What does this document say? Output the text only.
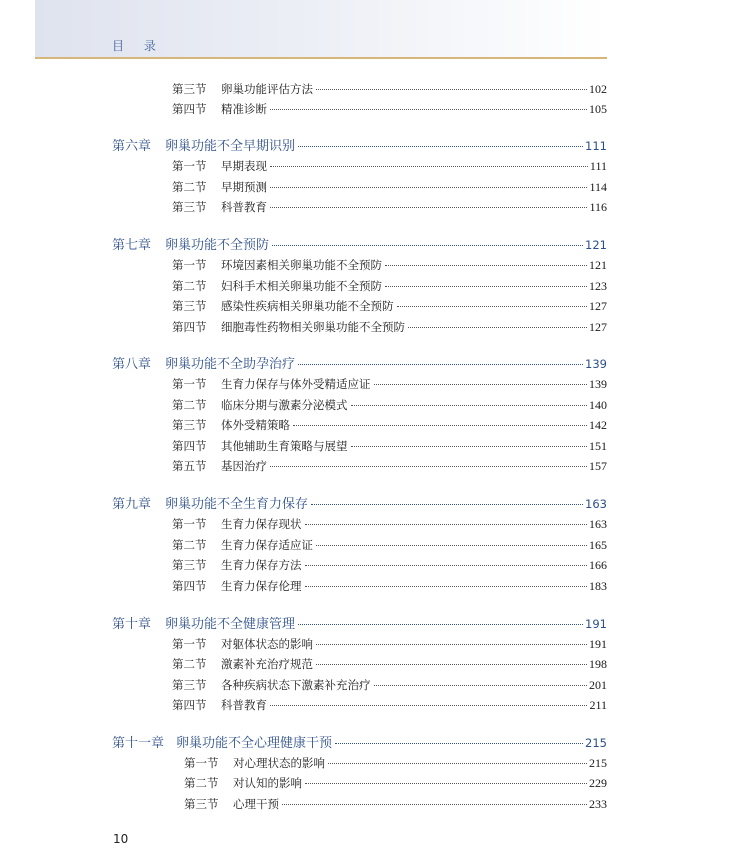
目 录
第三节	卵巢功能评估方法	102
第四节	精准诊断	105
第六章 卵巢功能不全早期识别	111
第一节	早期表现	111
第二节	早期预测	114
第三节	科普教育	116
第七章 卵巢功能不全预防	121
第一节	环境因素相关卵巢功能不全预防	121
第二节	妇科手术相关卵巢功能不全预防	123
第三节	感染性疾病相关卵巢功能不全预防	127
第四节	细胞毒性药物相关卵巢功能不全预防	127
第八章 卵巢功能不全助孕治疗	139
第一节	生育力保存与体外受精适应证	139
第二节	临床分期与激素分泌模式	140
第三节	体外受精策略	142
第四节	其他辅助生育策略与展望	151
第五节	基因治疗	157
第九章 卵巢功能不全生育力保存	163
第一节	生育力保存现状	163
第二节	生育力保存适应证	165
第三节	生育力保存方法	166
第四节	生育力保存伦理	183
第十章 卵巢功能不全健康管理	191
第一节	对躯体状态的影响	191
第二节	激素补充治疗规范	198
第三节	各种疾病状态下激素补充治疗	201
第四节	科普教育	211
第十一章 卵巢功能不全心理健康干预	215
第一节	对心理状态的影响	215
第二节	对认知的影响	229
第三节	心理干预	233
10
